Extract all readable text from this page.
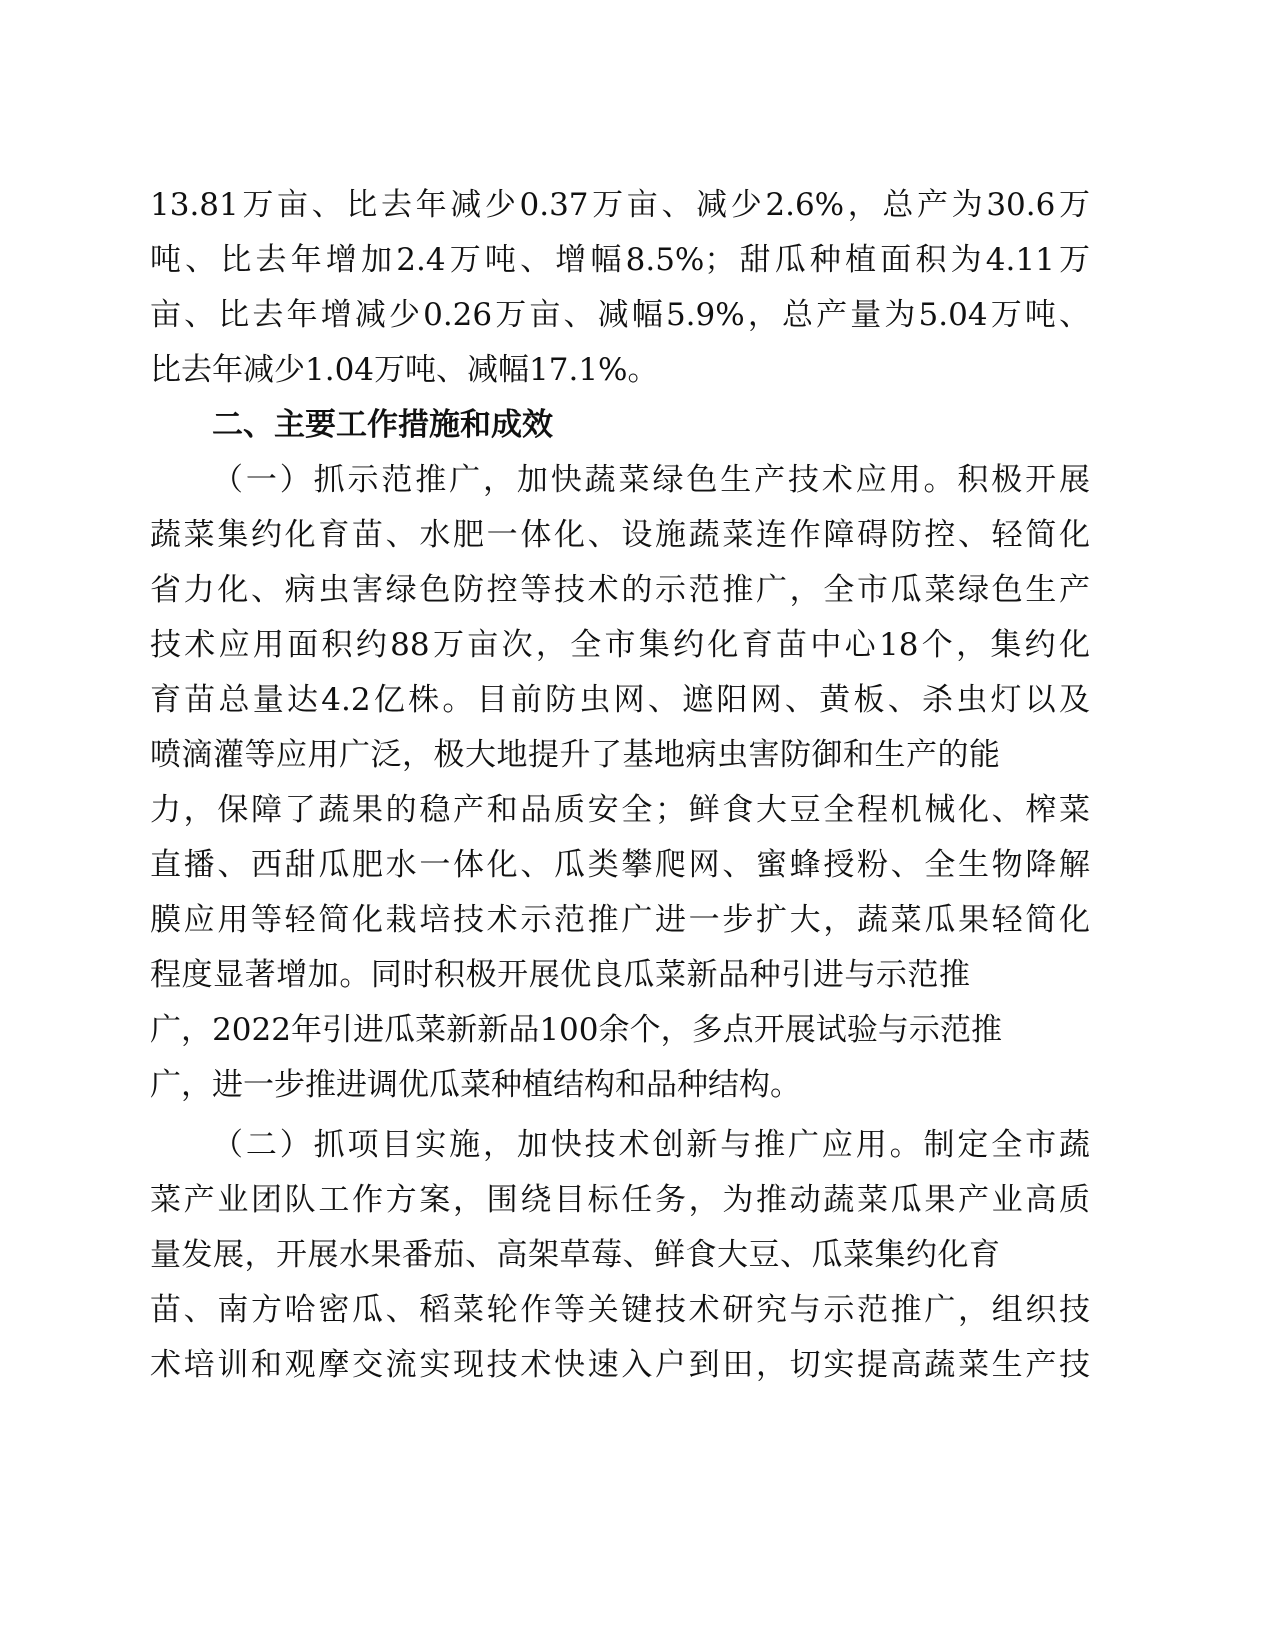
13.81万亩、比去年减少0.37万亩、减少2.6%，总产为30.6万
吨、比去年增加2.4万吨、增幅8.5%；甜瓜种植面积为4.11万
亩、比去年增减少0.26万亩、减幅5.9%，总产量为5.04万吨、
比去年减少1.04万吨、减幅17.1%。
二、主要工作措施和成效
（一）抓示范推广，加快蔬菜绿色生产技术应用。积极开展
蔬菜集约化育苗、水肥一体化、设施蔬菜连作障碍防控、轻简化
省力化、病虫害绿色防控等技术的示范推广，全市瓜菜绿色生产
技术应用面积约88万亩次，全市集约化育苗中心18个，集约化
育苗总量达4.2亿株。目前防虫网、遮阳网、黄板、杀虫灯以及
喷滴灌等应用广泛，极大地提升了基地病虫害防御和生产的能
力，保障了蔬果的稳产和品质安全；鲜食大豆全程机械化、榨菜
直播、西甜瓜肥水一体化、瓜类攀爬网、蜜蜂授粉、全生物降解
膜应用等轻简化栽培技术示范推广进一步扩大，蔬菜瓜果轻简化
程度显著增加。同时积极开展优良瓜菜新品种引进与示范推
广，2022年引进瓜菜新新品100余个，多点开展试验与示范推
广，进一步推进调优瓜菜种植结构和品种结构。
（二）抓项目实施，加快技术创新与推广应用。制定全市蔬
菜产业团队工作方案，围绕目标任务，为推动蔬菜瓜果产业高质
量发展，开展水果番茄、高架草莓、鲜食大豆、瓜菜集约化育
苗、南方哈密瓜、稻菜轮作等关键技术研究与示范推广，组织技
术培训和观摩交流实现技术快速入户到田，切实提高蔬菜生产技
